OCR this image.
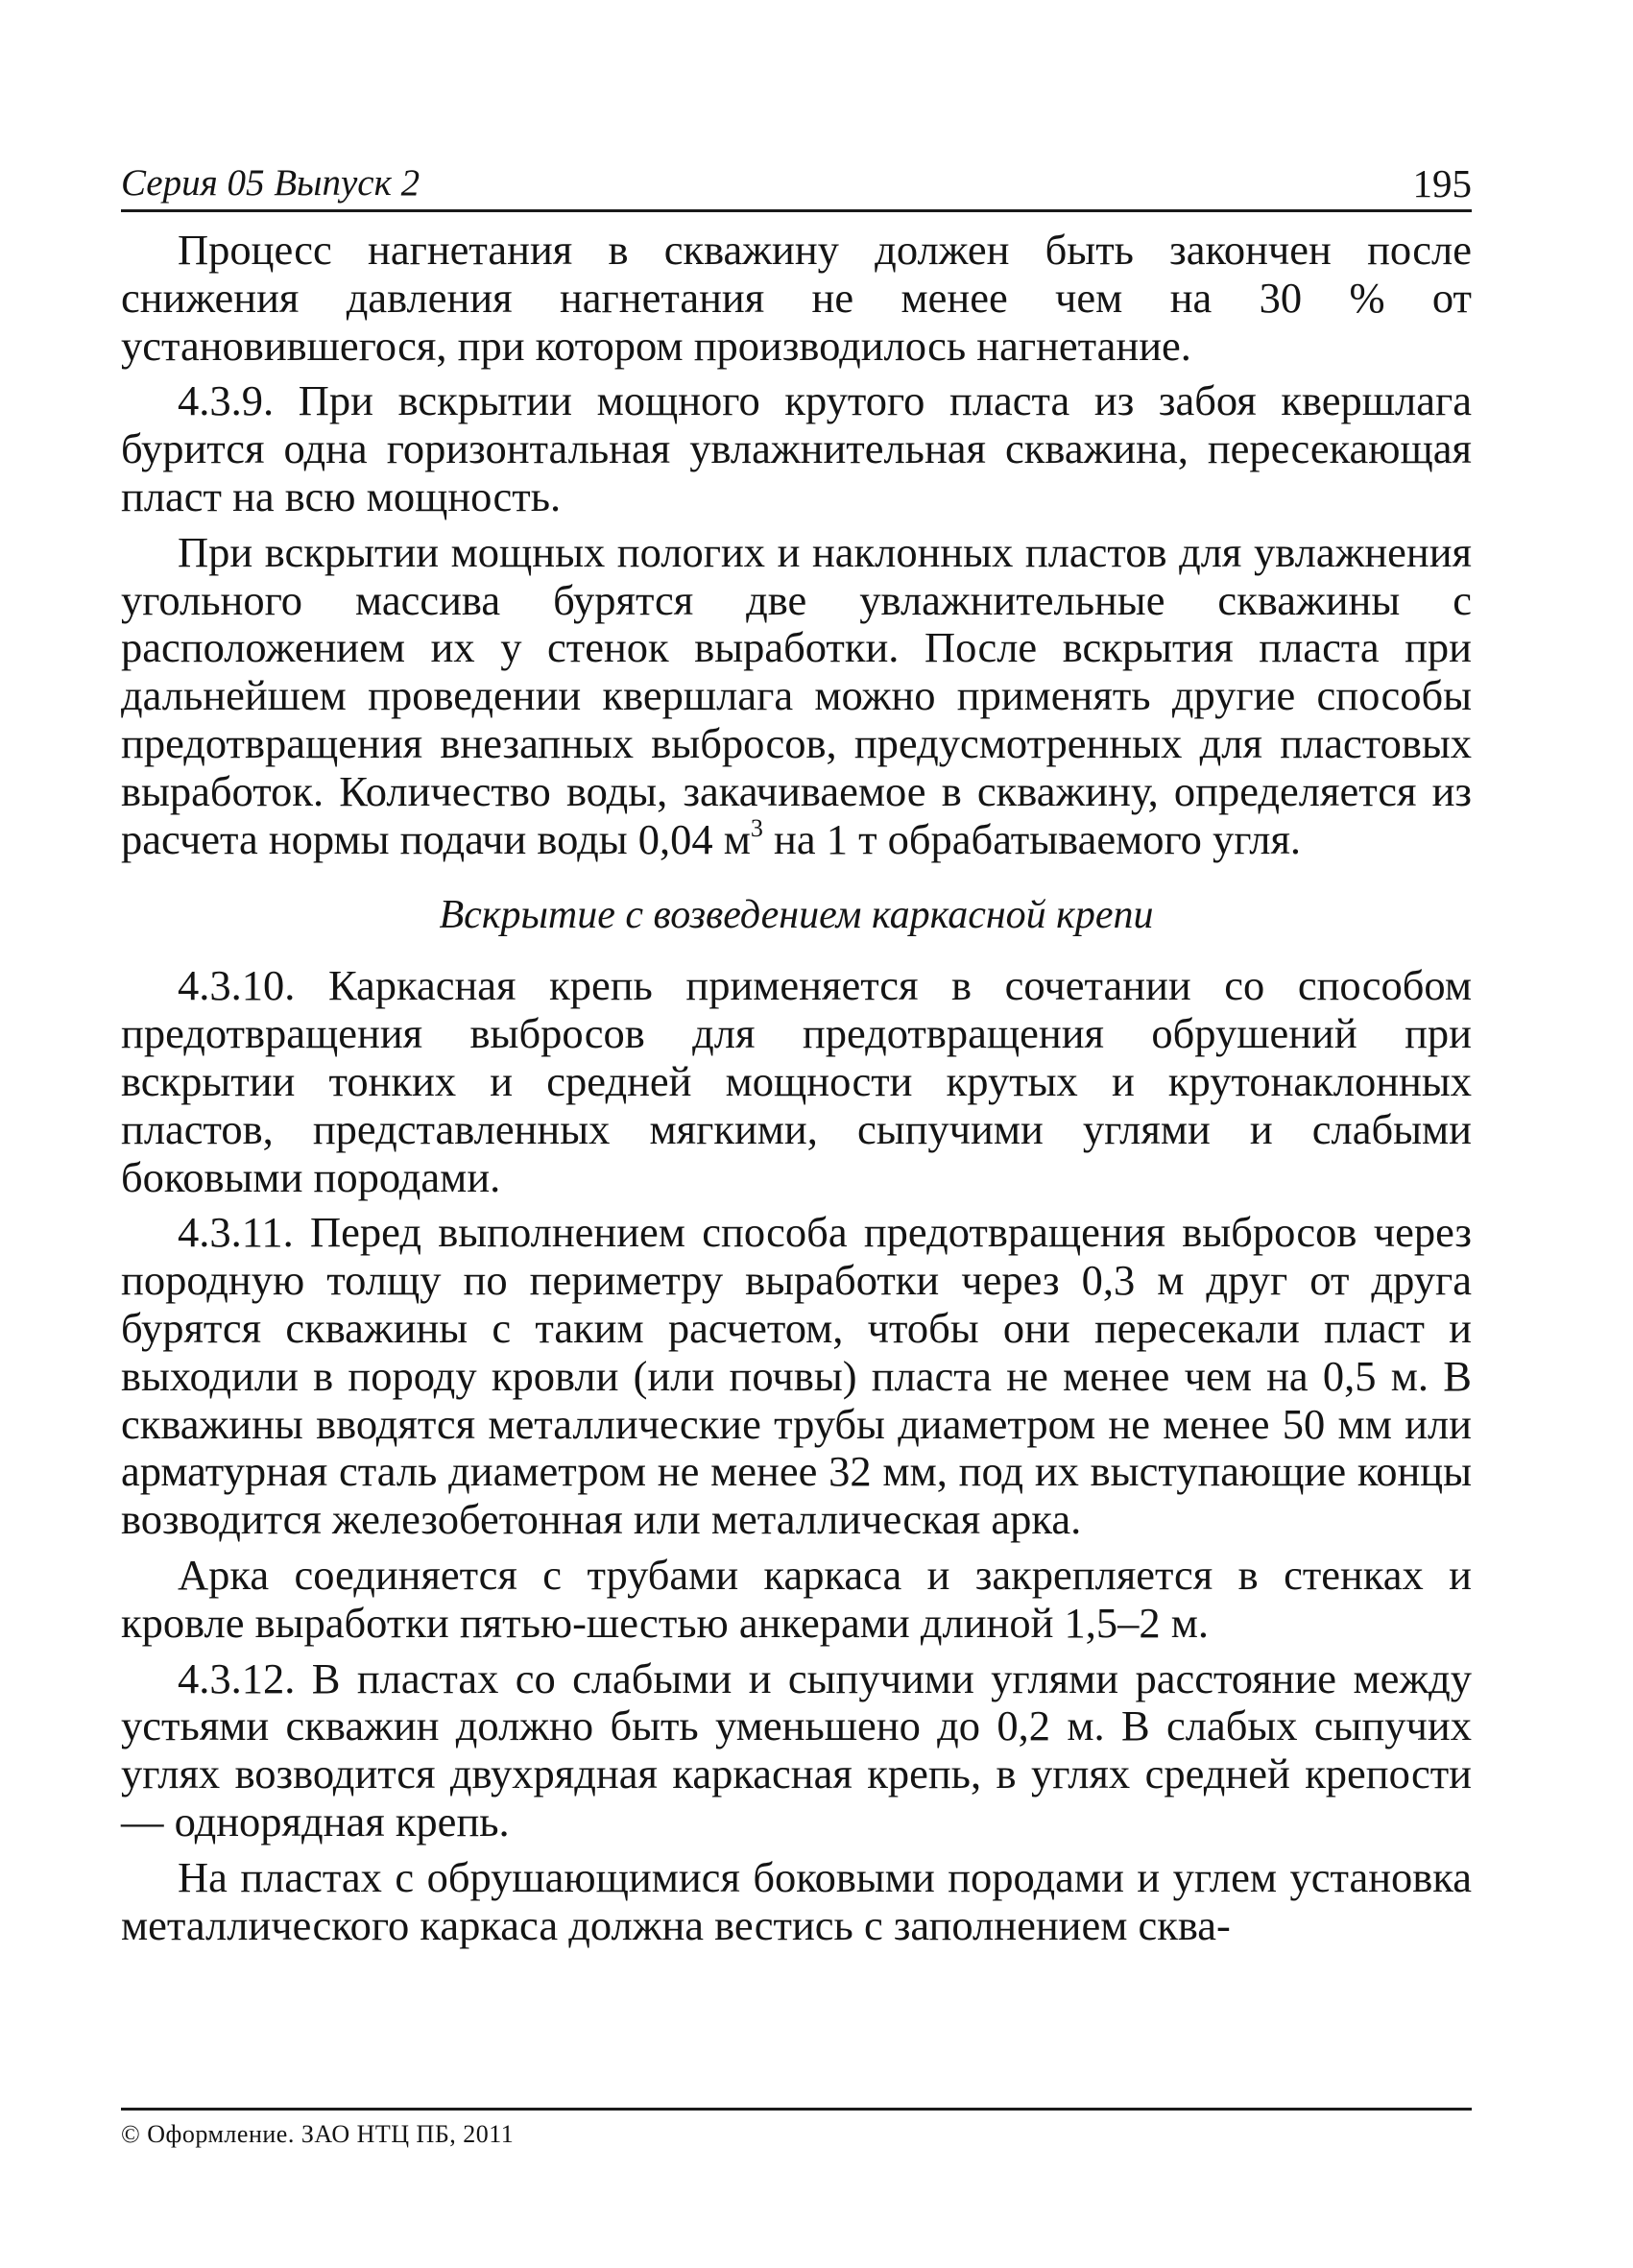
Серия 05 Выпуск 2	195

Процесс нагнетания в скважину должен быть закончен после снижения давления нагнетания не менее чем на 30 % от установившегося, при котором производилось нагнетание.

4.3.9. При вскрытии мощного крутого пласта из забоя квершлага бурится одна горизонтальная увлажнительная скважина, пересекающая пласт на всю мощность.

При вскрытии мощных пологих и наклонных пластов для увлажнения угольного массива бурятся две увлажнительные скважины с расположением их у стенок выработки. После вскрытия пласта при дальнейшем проведении квершлага можно применять другие способы предотвращения внезапных выбросов, предусмотренных для пластовых выработок. Количество воды, закачиваемое в скважину, определяется из расчета нормы подачи воды 0,04 $м^3$ на 1 т обрабатываемого угля.

Вскрытие с возведением каркасной крепи

4.3.10. Каркасная крепь применяется в сочетании со способом предотвращения выбросов для предотвращения обрушений при вскрытии тонких и средней мощности крутых и крутонаклонных пластов, представленных мягкими, сыпучими углями и слабыми боковыми породами.

4.3.11. Перед выполнением способа предотвращения выбросов через породную толщу по периметру выработки через 0,3 м друг от друга бурятся скважины с таким расчетом, чтобы они пересекали пласт и выходили в породу кровли (или почвы) пласта не менее чем на 0,5 м. В скважины вводятся металлические трубы диаметром не менее 50 мм или арматурная сталь диаметром не менее 32 мм, под их выступающие концы возводится железобетонная или металлическая арка.

Арка соединяется с трубами каркаса и закрепляется в стенках и кровле выработки пятью-шестью анкерами длиной 1,5–2 м.

4.3.12. В пластах со слабыми и сыпучими углями расстояние между устьями скважин должно быть уменьшено до 0,2 м. В слабых сыпучих углях возводится двухрядная каркасная крепь, в углях средней крепости — однорядная крепь.

На пластах с обрушающимися боковыми породами и углем установка металлического каркаса должна вестись с заполнением сква-

© Оформление. ЗАО НТЦ ПБ, 2011
